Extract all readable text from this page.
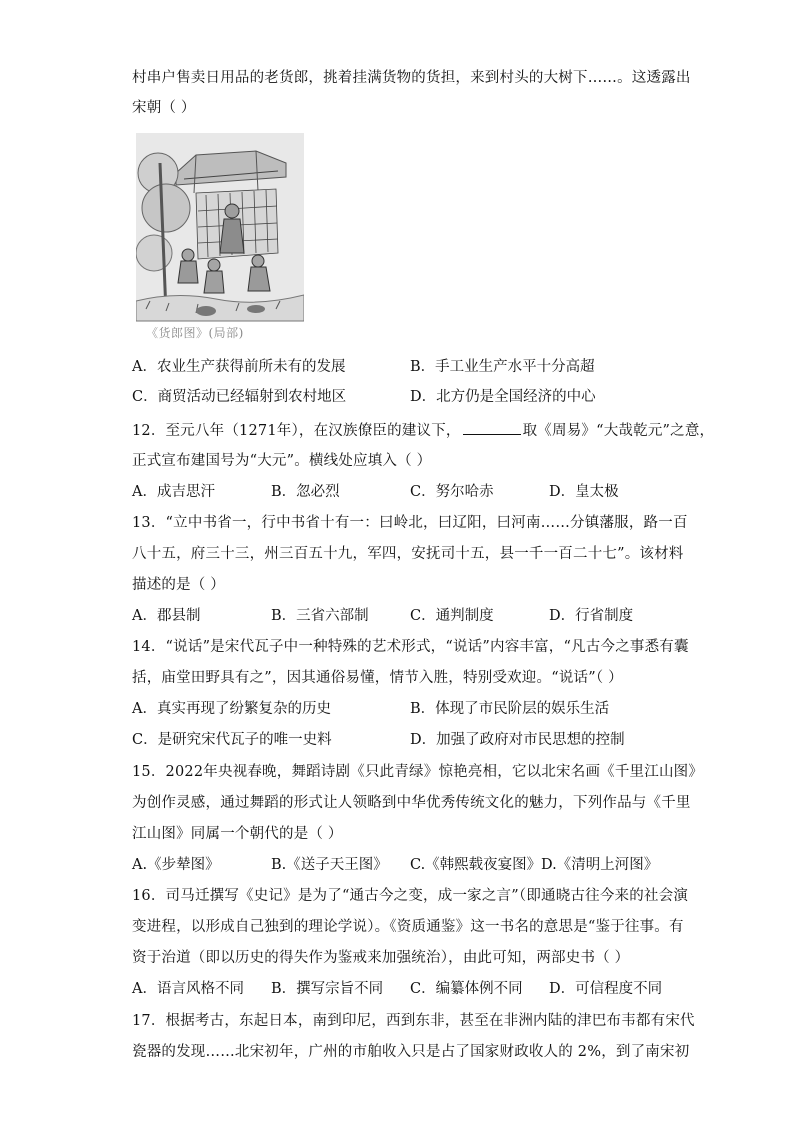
村串户售卖日用品的老货郎，挑着挂满货物的货担，来到村头的大树下……。这透露出
宋朝（ ）
《货郎图》(局部)
A．农业生产获得前所未有的发展	B．手工业生产水平十分高超
C．商贸活动已经辐射到农村地区	D．北方仍是全国经济的中心
12．至元八年（1271年），在汉族僚臣的建议下，	取《周易》“大哉乾元”之意，
正式宣布建国号为“大元”。横线处应填入（ ）
A．成吉思汗	B．忽必烈	C．努尔哈赤	D．皇太极
13．“立中书省一，行中书省十有一：曰岭北，曰辽阳，曰河南……分镇藩服，路一百
八十五，府三十三，州三百五十九，军四，安抚司十五，县一千一百二十七”。该材料
描述的是（ ）
A．郡县制	B．三省六部制	C．通判制度	D．行省制度
14．“说话”是宋代瓦子中一种特殊的艺术形式，“说话”内容丰富，“凡古今之事悉有囊
括，庙堂田野具有之”，因其通俗易懂，情节入胜，特别受欢迎。“说话”（ ）
A．真实再现了纷繁复杂的历史	B．体现了市民阶层的娱乐生活
C．是研究宋代瓦子的唯一史料	D．加强了政府对市民思想的控制
15．2022年央视春晚，舞蹈诗剧《只此青绿》惊艳亮相，它以北宋名画《千里江山图》
为创作灵感，通过舞蹈的形式让人领略到中华优秀传统文化的魅力，下列作品与《千里
江山图》同属一个朝代的是（ ）
A.《步辇图》	B.《送子天王图》 C.《韩熙载夜宴图》 D.《清明上河图》
16．司马迁撰写《史记》是为了“通古今之变，成一家之言”（即通晓古往今来的社会演
变进程，以形成自己独到的理论学说）。《资质通鉴》这一书名的意思是“鉴于往事。有
资于治道（即以历史的得失作为鉴戒来加强统治），由此可知，两部史书（ ）
A．语言风格不同 B．撰写宗旨不同 C．编纂体例不同 D．可信程度不同
17．根据考古，东起日本，南到印尼，西到东非，甚至在非洲内陆的津巴布韦都有宋代
瓷器的发现……北宋初年，广州的市舶收入只是占了国家财政收人的 2%，到了南宋初
